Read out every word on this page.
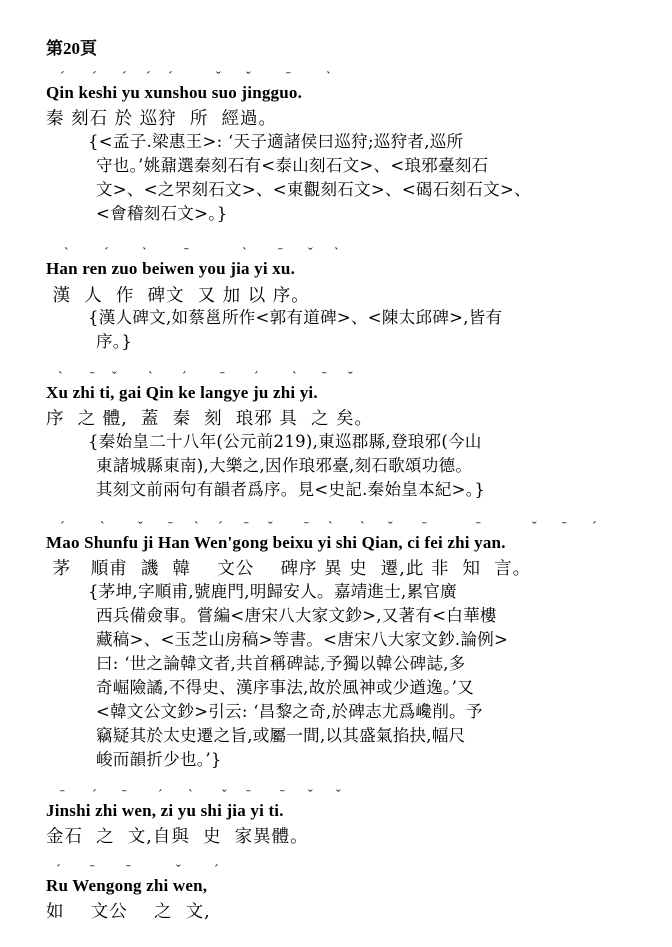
第20頁
ˊ ˊ ˊ ˊ ˊ	ˇ ˇ	ˉ	ˋ
Qin keshi yu xunshou suo jingguo.
秦 刻石 於 巡狩  所  經過。
{<孟子.梁惠王>: ‘天子適諸侯曰巡狩;巡狩者,巡所
守也。’姚鼐選秦刻石有<泰山刻石文>、<琅邪臺刻石
文>、<之罘刻石文>、<東觀刻石文>、<碣石刻石文>、
<會稽刻石文>。}
ˋ	ˊ ˋ	ˉ	ˋ ˉ ˇ ˋ
Han ren zuo beiwen you jia yi xu.
漢  人  作  碑文  又 加 以 序。
{漢人碑文,如蔡邕所作<郭有道碑>、<陳太邱碑>,皆有
序。}
ˋ ˉ ˇ ˋ ˊ ˉ ˊ ˋ ˉ ˇ
Xu zhi ti, gai Qin ke langye ju zhi yi.
序  之 體,  蓋  秦  刻  琅邪 具  之 矣。
{秦始皇二十八年(公元前219),東巡郡縣,登琅邪(今山
東諸城縣東南),大樂之,因作琅邪臺,刻石歌頌功德。
其刻文前兩句有韻者爲序。見<史記.秦始皇本紀>。}
ˊ	ˋ ˇ ˉ ˋ ˊ ˉ ˇ ˉ ˋ ˋ ˇ ˉ	ˉ	ˇ ˉ ˊ
Mao Shunfu ji Han Wen'gong beixu yi shi Qian, ci fei zhi yan.
茅   順甫  譏  韓    文公    碑序 異 史  遷,此 非  知  言。
{茅坤,字順甫,號鹿門,明歸安人。嘉靖進士,累官廣
西兵備僉事。嘗編<唐宋八大家文鈔>,又著有<白華樓
藏稿>、<玉芝山房稿>等書。<唐宋八大家文鈔.論例>
曰: ‘世之論韓文者,共首稱碑誌,予獨以韓公碑誌,多
奇崛險譎,不得史、漢序事法,故於風神或少遒逸。’又
<韓文公文鈔>引云: ‘昌黎之奇,於碑志尤爲巉削。予
竊疑其於太史遷之旨,或屬一間,以其盛氣掐抉,幅尺
峻而韻折少也。’}
ˉ ˊ ˉ ˊ ˋ ˇ ˉ ˉ ˇ ˇ
Jinshi zhi wen, zi yu shi jia yi ti.
金石  之  文,自與  史  家異體。
ˊ ˉ ˉ	ˇ ˊ
Ru Wengong zhi wen,
如    文公    之  文,
